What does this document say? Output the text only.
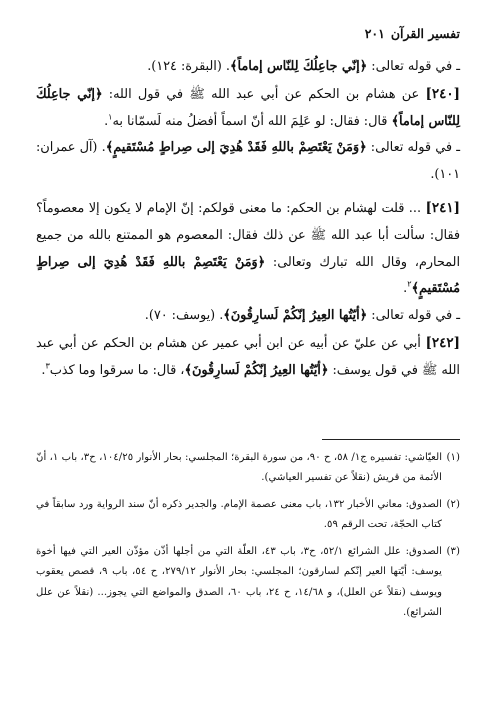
تفسير القرآن
٢٠١

ـ في قوله تعالى: ﴿إنّي جاعِلُكَ لِلنّاس إماماً﴾. (البقرة: ١٢٤).

[٢٤٠] عن هشام بن الحكم عن أبي عبد الله ﷺ في قول الله: ﴿إنّي جاعِلُكَ لِلنّاس إماماً﴾ قال: فقال: لو عَلِمَ الله أنّ اسماً أفضلُ منه لَسمّانا به$^١$.

ـ في قوله تعالى: ﴿وَمَنْ يَعْتَصِمْ باللهِ فَقَدْ هُدِيَ إلى صِراطٍ مُسْتَقيمٍ﴾. (آل عمران: ١٠١).

[٢٤١] ... قلت لهشام بن الحكم: ما معنى قولكم: إنّ الإمام لا يكون إلا معصوماً؟ فقال: سألت أبا عبد الله ﷺ عن ذلك فقال: المعصوم هو الممتنع بالله من جميع المحارم، وقال الله تبارك وتعالى: ﴿وَمَنْ يَعْتَصِمْ باللهِ فَقَدْ هُدِيَ إلى صِراطٍ مُسْتَقيمٍ﴾$^٢$.

ـ في قوله تعالى: ﴿أيّتُها العِيرُ إنّكُمْ لَسارِقُونَ﴾. (يوسف: ٧٠).

[٢٤٢] أبي عن عليّ عن أبيه عن ابن أبي عمير عن هشام بن الحكم عن أبي عبد الله ﷺ في قول يوسف: ﴿أيّتُها العِيرُ إنّكُمْ لَسارِقُونَ﴾، قال: ما سرقوا وما كذب$^٣$.

(١)
العيّاشي: تفسيره ج١/ ٥٨، ح ٩٠، من سورة البقرة؛ المجلسي: بحار الأنوار ١٠٤/٢٥، ح٣، باب ١، أنّ الأئمة من قريش (نقلاً عن تفسير العياشي).
(٢)
الصدوق: معاني الأخبار ١٣٢، باب معنى عصمة الإمام. والجدير ذكره أنّ سند الرواية ورد سابقاً في كتاب الحجّة، تحت الرقم ٥٩.
(٣)
الصدوق: علل الشرائع ٥٢/١، ح٣، باب ٤٣، العلّة التي من أجلها أذّن مؤذّن العير التي فيها أخوة يوسف: أيّتها العير إنّكم لسارقون؛ المجلسي: بحار الأنوار ٢٧٩/١٢، ح ٥٤، باب ٩، قصص يعقوب ويوسف (نقلاً عن العلل)، و ١٤/٦٨، ح ٢٤، باب ٦٠، الصدق والمواضع التي يجوز... (نقلاً عن علل الشرائع).
